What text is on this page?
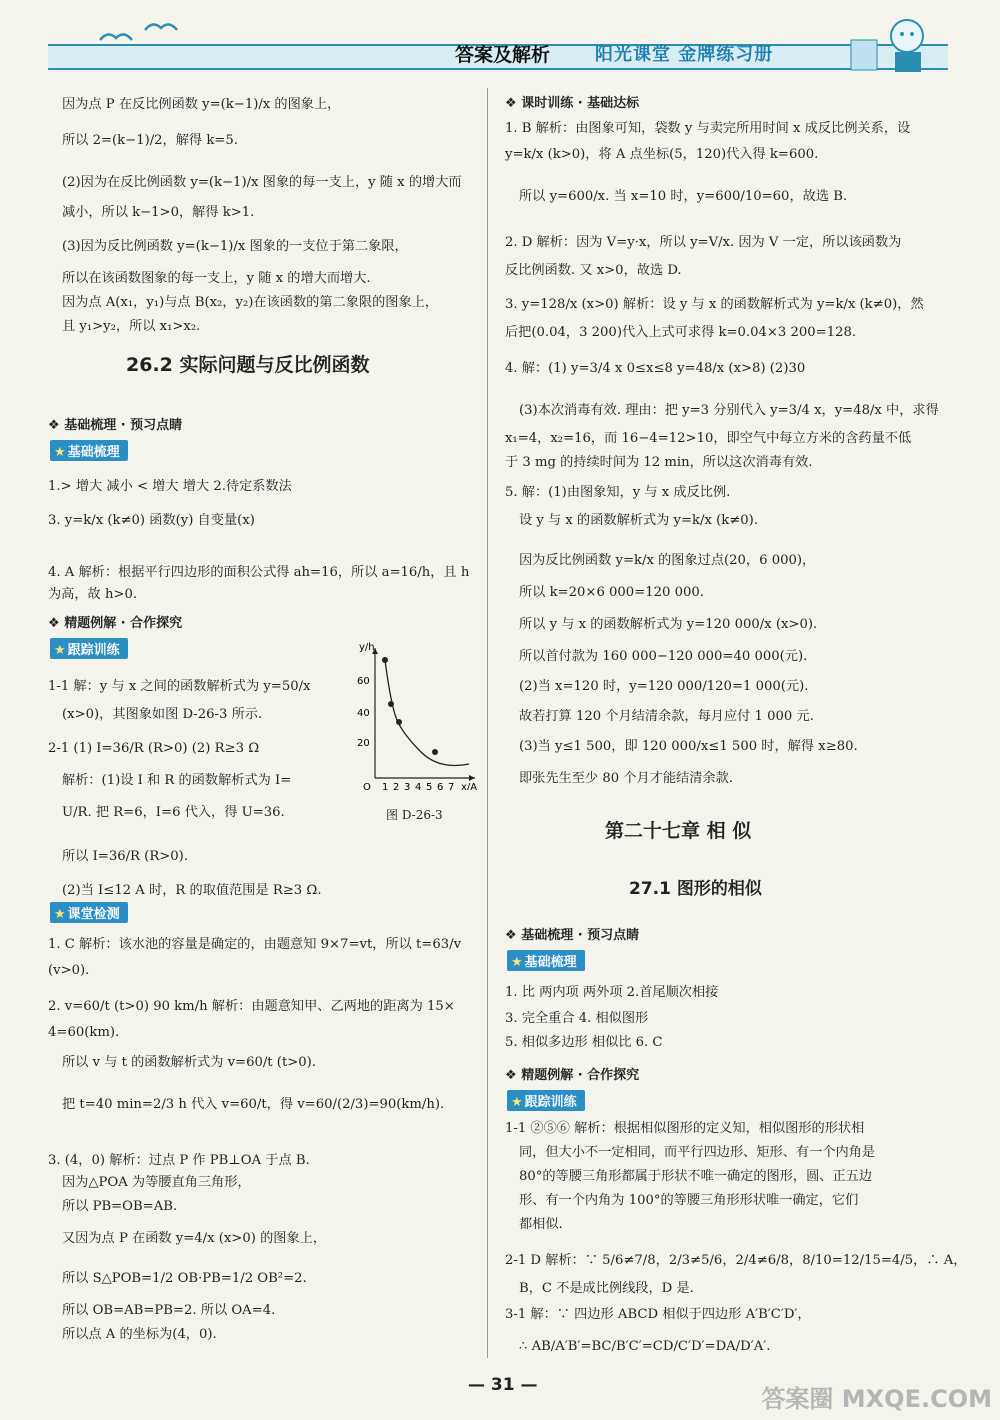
答案及解析 阳光课堂 金牌练习册
26.2 实际问题与反比例函数
❖ 基础梳理 · 预习点睛
★ 基础梳理
❖ 精题例解 · 合作探究
★ 跟踪训练
★ 课堂检测
y/h
x/A
O
20
40
60
1 2 3 4 5 6 7
图 D-26-3
因为点 P 在反比例函数 y=(k−1)/x 的图象上，
所以 2=(k−1)/2，解得 k=5.
(2)因为在反比例函数 y=(k−1)/x 图象的每一支上，y 随 x 的增大而
减小，所以 k−1>0，解得 k>1.
(3)因为反比例函数 y=(k−1)/x 图象的一支位于第二象限，
所以在该函数图象的每一支上，y 随 x 的增大而增大.
因为点 A(x₁，y₁)与点 B(x₂，y₂)在该函数的第二象限的图象上，
且 y₁>y₂，所以 x₁>x₂.
1.> 增大 减小 < 增大 增大 2.待定系数法
3. y=k/x (k≠0) 函数(y) 自变量(x)
4. A 解析：根据平行四边形的面积公式得 ah=16，所以 a=16/h，且 h
为高，故 h>0.
1-1 解：y 与 x 之间的函数解析式为 y=50/x
(x>0)，其图象如图 D-26-3 所示.
2-1 (1) I=36/R (R>0) (2) R≥3 Ω
解析：(1)设 I 和 R 的函数解析式为 I=
U/R. 把 R=6，I=6 代入，得 U=36.
所以 I=36/R (R>0).
(2)当 I≤12 A 时，R 的取值范围是 R≥3 Ω.
1. C 解析：该水池的容量是确定的，由题意知 9×7=vt，所以 t=63/v
(v>0).
2. v=60/t (t>0) 90 km/h 解析：由题意知甲、乙两地的距离为 15×
4=60(km).
所以 v 与 t 的函数解析式为 v=60/t (t>0).
把 t=40 min=2/3 h 代入 v=60/t，得 v=60/(2/3)=90(km/h).
3. (4，0) 解析：过点 P 作 PB⊥OA 于点 B.
因为△POA 为等腰直角三角形，
所以 PB=OB=AB.
又因为点 P 在函数 y=4/x (x>0) 的图象上，
所以 S△POB=1/2 OB·PB=1/2 OB²=2.
所以 OB=AB=PB=2. 所以 OA=4.
所以点 A 的坐标为(4，0).
❖ 课时训练 · 基础达标
第二十七章 相 似
27.1 图形的相似
❖ 基础梳理 · 预习点睛
★ 基础梳理
❖ 精题例解 · 合作探究
★ 跟踪训练
1. B 解析：由图象可知，袋数 y 与卖完所用时间 x 成反比例关系，设
y=k/x (k>0)，将 A 点坐标(5，120)代入得 k=600.
所以 y=600/x. 当 x=10 时，y=600/10=60，故选 B.
2. D 解析：因为 V=y·x，所以 y=V/x. 因为 V 一定，所以该函数为
反比例函数. 又 x>0，故选 D.
3. y=128/x (x>0) 解析：设 y 与 x 的函数解析式为 y=k/x (k≠0)，然
后把(0.04，3 200)代入上式可求得 k=0.04×3 200=128.
4. 解：(1) y=3/4 x 0≤x≤8 y=48/x (x>8) (2)30
(3)本次消毒有效. 理由：把 y=3 分别代入 y=3/4 x，y=48/x 中，求得
x₁=4，x₂=16，而 16−4=12>10，即空气中每立方米的含药量不低
于 3 mg 的持续时间为 12 min，所以这次消毒有效.
5. 解：(1)由图象知，y 与 x 成反比例.
设 y 与 x 的函数解析式为 y=k/x (k≠0).
因为反比例函数 y=k/x 的图象过点(20，6 000)，
所以 k=20×6 000=120 000.
所以 y 与 x 的函数解析式为 y=120 000/x (x>0).
所以首付款为 160 000−120 000=40 000(元).
(2)当 x=120 时，y=120 000/120=1 000(元).
故若打算 120 个月结清余款，每月应付 1 000 元.
(3)当 y≤1 500，即 120 000/x≤1 500 时，解得 x≥80.
即张先生至少 80 个月才能结清余款.
1. 比 两内项 两外项 2.首尾顺次相接
3. 完全重合 4. 相似图形
5. 相似多边形 相似比 6. C
1-1 ②⑤⑥ 解析：根据相似图形的定义知，相似图形的形状相
同，但大小不一定相同，而平行四边形、矩形、有一个内角是
80°的等腰三角形都属于形状不唯一确定的图形，圆、正五边
形、有一个内角为 100°的等腰三角形形状唯一确定，它们
都相似.
2-1 D 解析：∵ 5/6≠7/8，2/3≠5/6，2/4≠6/8，8/10=12/15=4/5，∴ A，
B，C 不是成比例线段，D 是.
3-1 解：∵ 四边形 ABCD 相似于四边形 A′B′C′D′，
∴ AB/A′B′=BC/B′C′=CD/C′D′=DA/D′A′.
— 31 —	答案圈 MXQE.COM
